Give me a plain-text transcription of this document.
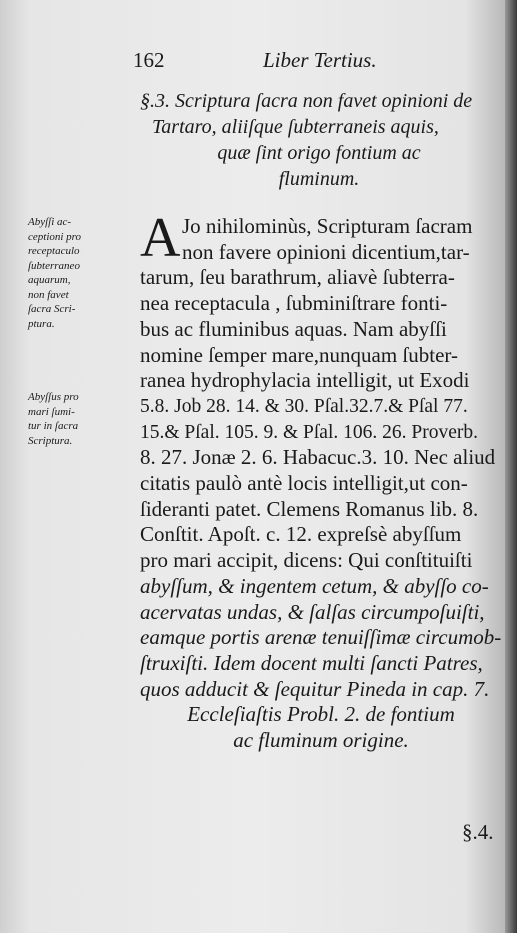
162	Liber Tertius.
§.3. Scriptura ſacra non favet opinioni de
Tartaro, aliiſque ſubterraneis aquis,
quæ ſint origo fontium ac
fluminum.
Abyſſi ac-
ceptioni pro
receptaculo
ſubterraneo
aquarum,
non favet
ſacra Scri-
ptura.
Abyſſus pro
mari ſumi-
tur in ſacra
Scriptura.
A Jo nihilominùs, Scripturam ſacram
non favere opinioni dicentium,tar-
tarum, ſeu barathrum, aliavè ſubterra-
nea receptacula , ſubminiſtrare fonti-
bus ac fluminibus aquas. Nam abyſſi
nomine ſemper mare,nunquam ſubter-
ranea hydrophylacia intelligit, ut Exodi
5.8. Job 28. 14. & 30. Pſal.32.7.& Pſal 77.
15.& Pſal. 105. 9. & Pſal. 106. 26. Proverb.
8. 27. Jonæ 2. 6. Habacuc.3. 10. Nec aliud
citatis paulò antè locis intelligit,ut con-
ſideranti patet. Clemens Romanus lib. 8.
Conſtit. Apoſt. c. 12. expreſsè abyſſum
pro mari accipit, dicens: Qui conſtituiſti
abyſſum, & ingentem cetum, & abyſſo co-
acervatas undas, & ſalſas circumpoſuiſti,
eamque portis arenæ tenuiſſimæ circumob-
ſtruxiſti. Idem docent multi ſancti Patres,
quos adducit & ſequitur Pineda in cap. 7.
Eccleſiaſtis Probl. 2. de fontium
ac fluminum origine.
§.4.
